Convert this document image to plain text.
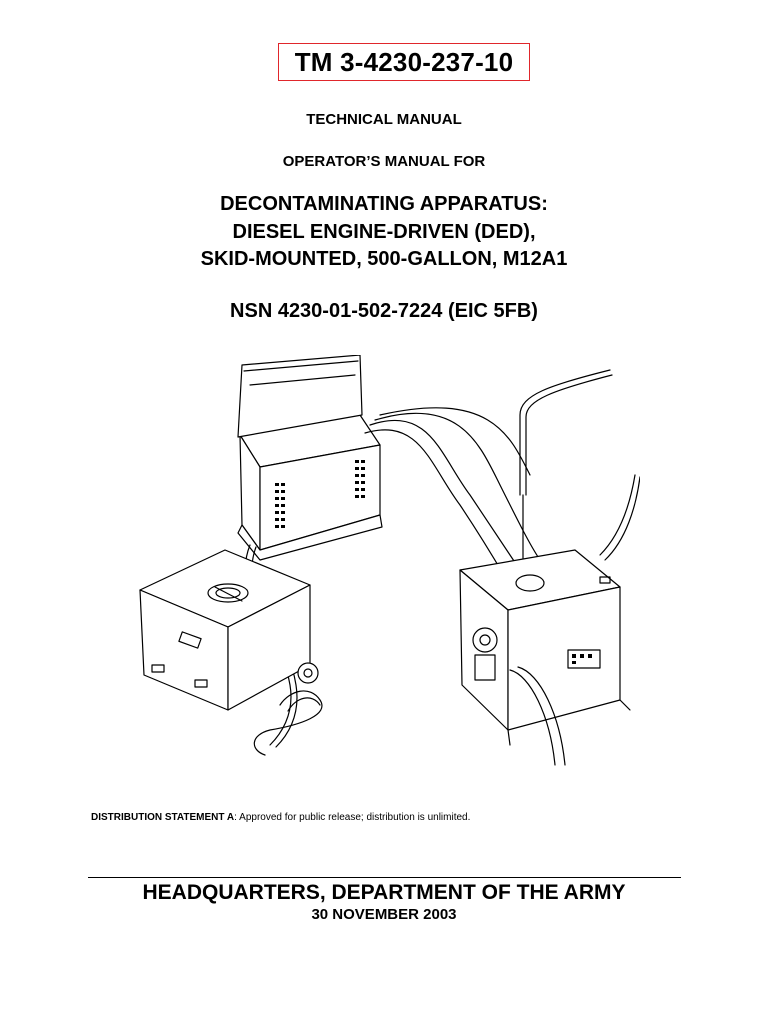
TM 3-4230-237-10
TECHNICAL MANUAL
OPERATOR’S MANUAL FOR
DECONTAMINATING APPARATUS:
DIESEL ENGINE-DRIVEN (DED),
SKID-MOUNTED, 500-GALLON, M12A1
NSN 4230-01-502-7224 (EIC 5FB)
DISTRIBUTION STATEMENT A: Approved for public release; distribution is unlimited.
HEADQUARTERS, DEPARTMENT OF THE ARMY
30 NOVEMBER 2003
